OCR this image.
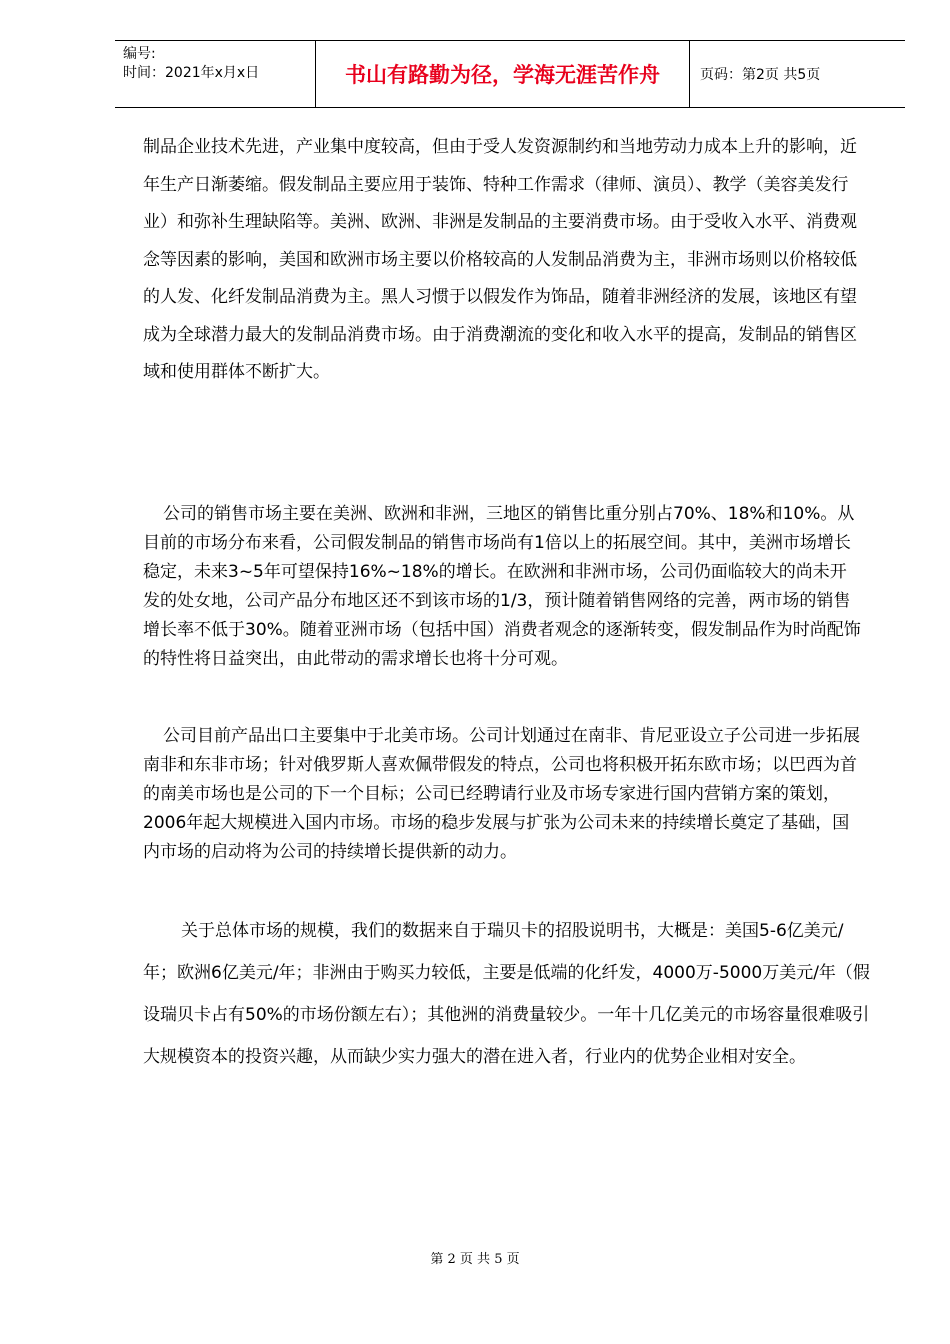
编号:
时间：2021年x月x日	书山有路勤为径，学海无涯苦作舟	页码：第2页 共5页
制品企业技术先进，产业集中度较高，但由于受人发资源制约和当地劳动力成本上升的影响，近年生产日渐萎缩。假发制品主要应用于装饰、特种工作需求（律师、演员）、教学（美容美发行业）和弥补生理缺陷等。美洲、欧洲、非洲是发制品的主要消费市场。由于受收入水平、消费观念等因素的影响，美国和欧洲市场主要以价格较高的人发制品消费为主，非洲市场则以价格较低的人发、化纤发制品消费为主。黑人习惯于以假发作为饰品，随着非洲经济的发展，该地区有望成为全球潜力最大的发制品消费市场。由于消费潮流的变化和收入水平的提高，发制品的销售区域和使用群体不断扩大。
公司的销售市场主要在美洲、欧洲和非洲，三地区的销售比重分别占70%、18%和10%。从目前的市场分布来看，公司假发制品的销售市场尚有1倍以上的拓展空间。其中，美洲市场增长稳定，未来3~5年可望保持16%~18%的增长。在欧洲和非洲市场，公司仍面临较大的尚未开发的处女地，公司产品分布地区还不到该市场的1/3，预计随着销售网络的完善，两市场的销售增长率不低于30%。随着亚洲市场（包括中国）消费者观念的逐渐转变，假发制品作为时尚配饰的特性将日益突出，由此带动的需求增长也将十分可观。
公司目前产品出口主要集中于北美市场。公司计划通过在南非、肯尼亚设立子公司进一步拓展南非和东非市场；针对俄罗斯人喜欢佩带假发的特点，公司也将积极开拓东欧市场；以巴西为首的南美市场也是公司的下一个目标；公司已经聘请行业及市场专家进行国内营销方案的策划，2006年起大规模进入国内市场。市场的稳步发展与扩张为公司未来的持续增长奠定了基础，国内市场的启动将为公司的持续增长提供新的动力。
关于总体市场的规模，我们的数据来自于瑞贝卡的招股说明书，大概是：美国5-6亿美元/年；欧洲6亿美元/年；非洲由于购买力较低，主要是低端的化纤发，4000万-5000万美元/年（假设瑞贝卡占有50%的市场份额左右）；其他洲的消费量较少。一年十几亿美元的市场容量很难吸引大规模资本的投资兴趣，从而缺少实力强大的潜在进入者，行业内的优势企业相对安全。
第 2 页 共 5 页
